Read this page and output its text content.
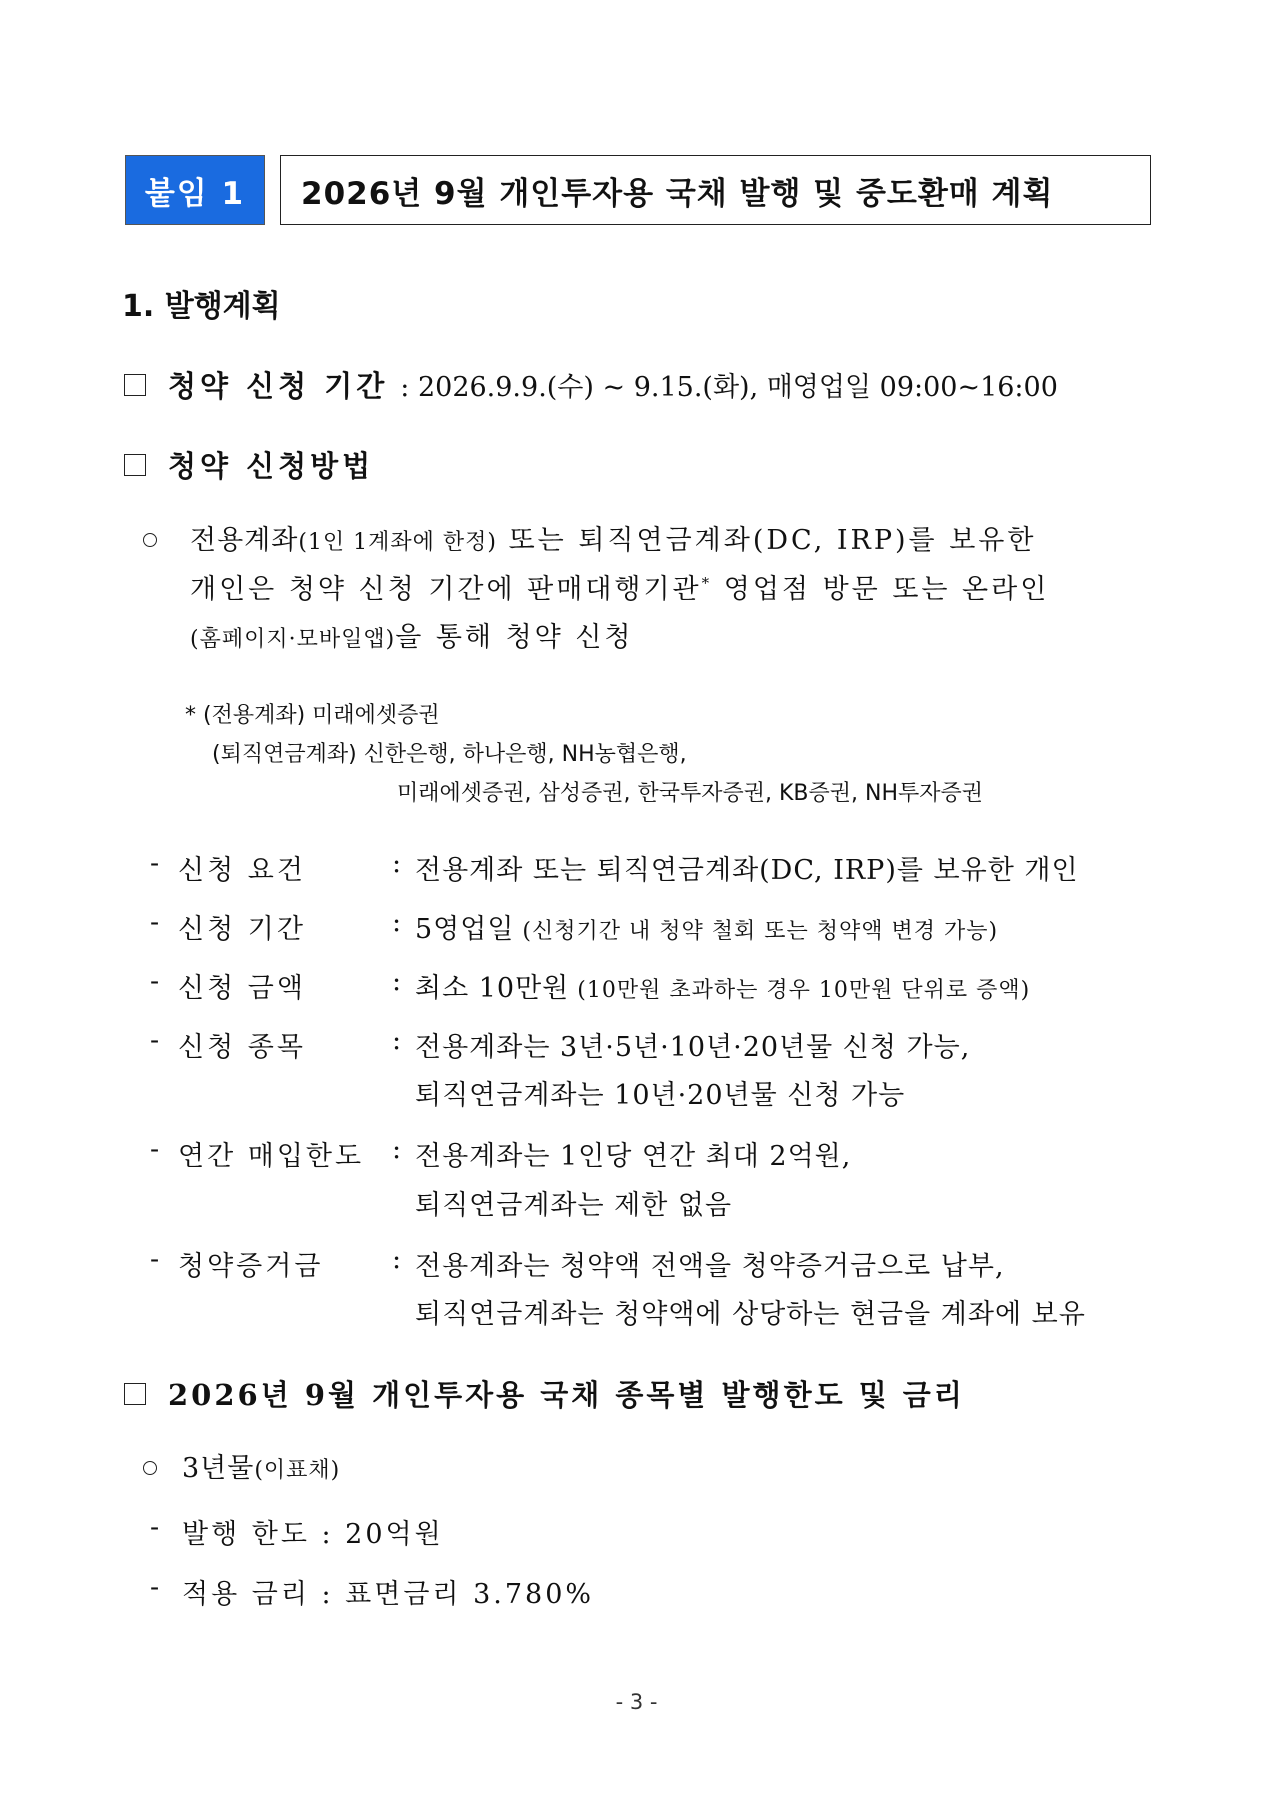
붙임 1	2026년 9월 개인투자용 국채 발행 및 중도환매 계획
1. 발행계획
청약 신청 기간 : 2026.9.9.(수) ~ 9.15.(화), 매영업일 09:00~16:00
청약 신청방법
전용계좌(1인 1계좌에 한정) 또는 퇴직연금계좌(DC, IRP)를 보유한
개인은 청약 신청 기간에 판매대행기관* 영업점 방문 또는 온라인
(홈페이지·모바일앱)을 통해 청약 신청
* (전용계좌) 미래에셋증권
(퇴직연금계좌) 신한은행, 하나은행, NH농협은행,
미래에셋증권, 삼성증권, 한국투자증권, KB증권, NH투자증권
- 신청 요건	: 전용계좌 또는 퇴직연금계좌(DC, IRP)를 보유한 개인
- 신청 기간	: 5영업일 (신청기간 내 청약 철회 또는 청약액 변경 가능)
- 신청 금액	: 최소 10만원 (10만원 초과하는 경우 10만원 단위로 증액)
- 신청 종목	: 전용계좌는 3년·5년·10년·20년물 신청 가능,
퇴직연금계좌는 10년·20년물 신청 가능
- 연간 매입한도 : 전용계좌는 1인당 연간 최대 2억원,
퇴직연금계좌는 제한 없음
- 청약증거금	: 전용계좌는 청약액 전액을 청약증거금으로 납부,
퇴직연금계좌는 청약액에 상당하는 현금을 계좌에 보유
2026년 9월 개인투자용 국채 종목별 발행한도 및 금리
3년물(이표채)
- 발행 한도 : 20억원
- 적용 금리 : 표면금리 3.780%
- 3 -
